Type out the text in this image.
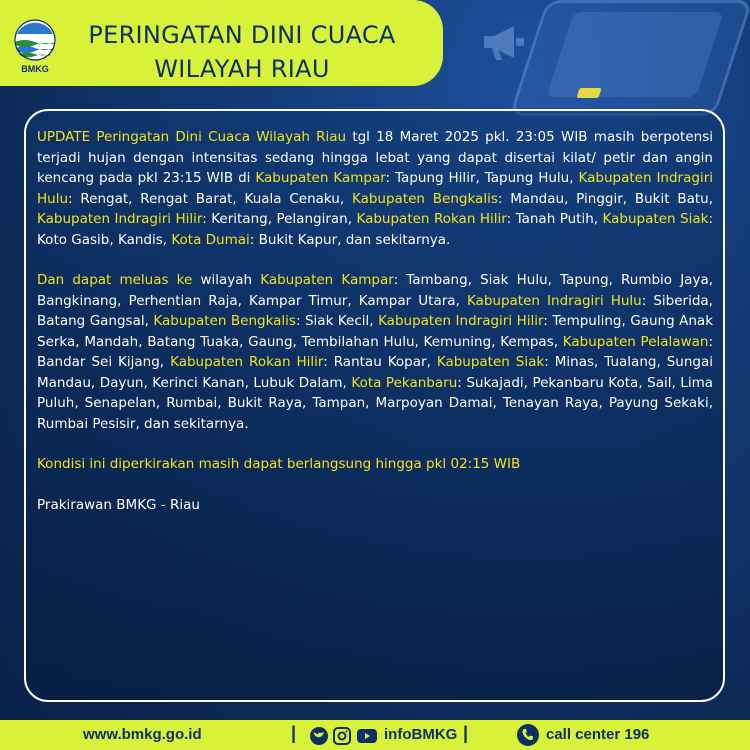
BMKG
PERINGATAN DINI CUACA
WILAYAH RIAU

UPDATE Peringatan Dini Cuaca Wilayah Riau tgl 18 Maret 2025 pkl. 23:05 WIB masih berpotensi terjadi hujan dengan intensitas sedang hingga lebat yang dapat disertai kilat/ petir dan angin kencang pada pkl 23:15 WIB di Kabupaten Kampar: Tapung Hilir, Tapung Hulu, Kabupaten Indragiri Hulu: Rengat, Rengat Barat, Kuala Cenaku, Kabupaten Bengkalis: Mandau, Pinggir, Bukit Batu, Kabupaten Indragiri Hilir: Keritang, Pelangiran, Kabupaten Rokan Hilir: Tanah Putih, Kabupaten Siak: Koto Gasib, Kandis, Kota Dumai: Bukit Kapur, dan sekitarnya.

Dan dapat meluas ke wilayah Kabupaten Kampar: Tambang, Siak Hulu, Tapung, Rumbio Jaya, Bangkinang, Perhentian Raja, Kampar Timur, Kampar Utara, Kabupaten Indragiri Hulu: Siberida, Batang Gangsal, Kabupaten Bengkalis: Siak Kecil, Kabupaten Indragiri Hilir: Tempuling, Gaung Anak Serka, Mandah, Batang Tuaka, Gaung, Tembilahan Hulu, Kemuning, Kempas, Kabupaten Pelalawan: Bandar Sei Kijang, Kabupaten Rokan Hilir: Rantau Kopar, Kabupaten Siak: Minas, Tualang, Sungai Mandau, Dayun, Kerinci Kanan, Lubuk Dalam, Kota Pekanbaru: Sukajadi, Pekanbaru Kota, Sail, Lima Puluh, Senapelan, Rumbai, Bukit Raya, Tampan, Marpoyan Damai, Tenayan Raya, Payung Sekaki, Rumbai Pesisir, dan sekitarnya.

Kondisi ini diperkirakan masih dapat berlangsung hingga pkl 02:15 WIB

Prakirawan BMKG - Riau

www.bmkg.go.id	|	infoBMKG |	call center 196
